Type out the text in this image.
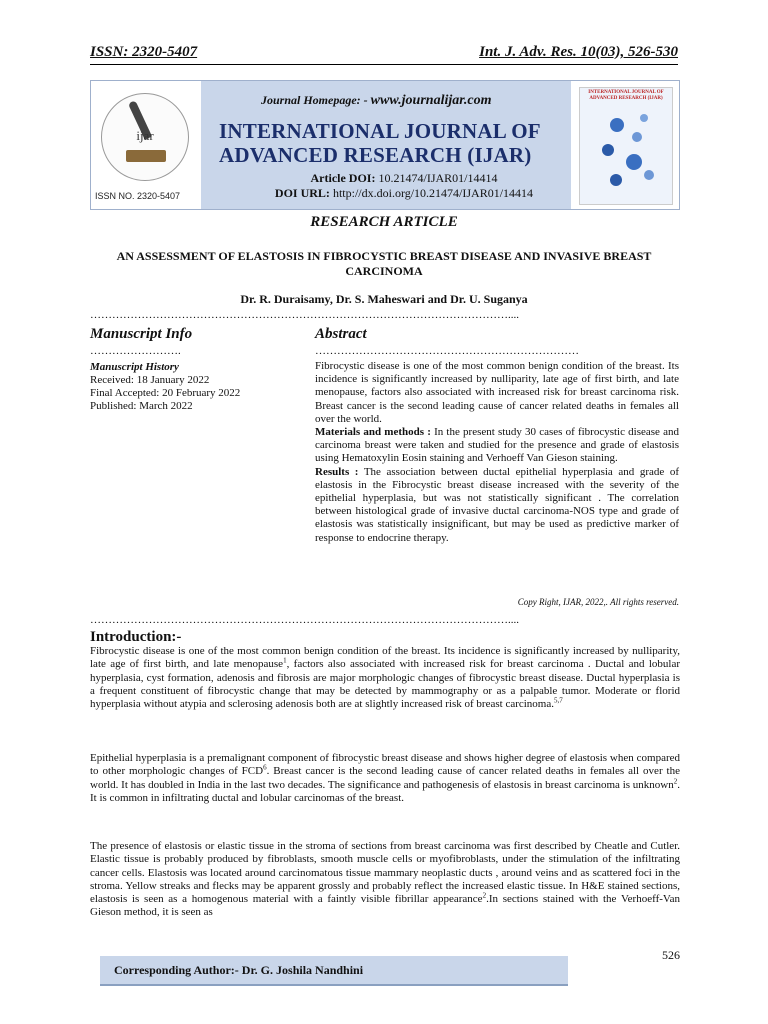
ISSN: 2320-5407	Int. J. Adv. Res. 10(03), 526-530
ijar
ISSN NO. 2320-5407
Journal Homepage: - www.journalijar.com
INTERNATIONAL JOURNAL OF
ADVANCED RESEARCH (IJAR)
Article DOI: 10.21474/IJAR01/14414
DOI URL: http://dx.doi.org/10.21474/IJAR01/14414
INTERNATIONAL JOURNAL OF ADVANCED RESEARCH (IJAR)
RESEARCH ARTICLE
AN ASSESSMENT OF ELASTOSIS IN FIBROCYSTIC BREAST DISEASE AND INVASIVE BREAST
CARCINOMA
Dr. R. Duraisamy, Dr. S. Maheswari and Dr. U. Suganya
……………………………………………………………………………………………………....
Manuscript Info	Abstract
…………………….	………………………………………………………………
Manuscript History
Received: 18 January 2022
Final Accepted: 20 February 2022
Published: March 2022

Fibrocystic disease is one of the most common benign condition of the breast. Its incidence is significantly increased by nulliparity, late age of first birth, and late menopause, factors also associated with increased risk for breast carcinoma risk. Breast cancer is the second leading cause of cancer related deaths in females all over the world.

Materials and methods : In the present study 30 cases of fibrocystic disease and carcinoma breast were taken and studied for the presence and grade of elastosis using Hematoxylin Eosin staining and Verhoeff Van Gieson staining.

Results : The association between ductal epithelial hyperplasia and grade of elastosis in the Fibrocystic breast disease increased with the severity of the epithelial hyperplasia, but was not statistically significant . The correlation between histological grade of invasive ductal carcinoma-NOS type and grade of elastosis was statistically insignificant, but may be used as predictive marker of response to endocrine therapy.

Copy Right, IJAR, 2022,. All rights reserved.
……………………………………………………………………………………………………....
Introduction:-

Fibrocystic disease is one of the most common benign condition of the breast. Its incidence is significantly increased by nulliparity, late age of first birth, and late menopause$^1$, factors also associated with increased risk for breast carcinoma . Ductal and lobular hyperplasia, cyst formation, adenosis and fibrosis are major morphologic changes of fibrocystic breast disease. Ductal hyperplasia is a frequent constituent of fibrocystic change that may be detected by mammography or as a palpable tumor. Moderate or florid hyperplasia without atypia and sclerosing adenosis both are at slightly increased risk of breast carcinoma.$^{5,7}$

Epithelial hyperplasia is a premalignant component of fibrocystic breast disease and shows higher degree of elastosis when compared to other morphologic changes of FCD$^6$. Breast cancer is the second leading cause of cancer related deaths in females all over the world. It has doubled in India in the last two decades. The significance and pathogenesis of elastosis in breast carcinoma is unknown$^2$. It is common in infiltrating ductal and lobular carcinomas of the breast.

The presence of elastosis or elastic tissue in the stroma of sections from breast carcinoma was first described by Cheatle and Cutler. Elastic tissue is probably produced by fibroblasts, smooth muscle cells or myofibroblasts, under the stimulation of the infiltrating cancer cells. Elastosis was located around carcinomatous tissue mammary neoplastic ducts , around veins and as scattered foci in the stroma. Yellow streaks and flecks may be apparent grossly and probably reflect the increased elastic tissue. In H&E stained sections, elastosis is seen as a homogenous material with a faintly visible fibrillar appearance$^2$.In sections stained with the Verhoeff-Van Gieson method, it is seen as

526
Corresponding Author:- Dr. G. Joshila Nandhini
